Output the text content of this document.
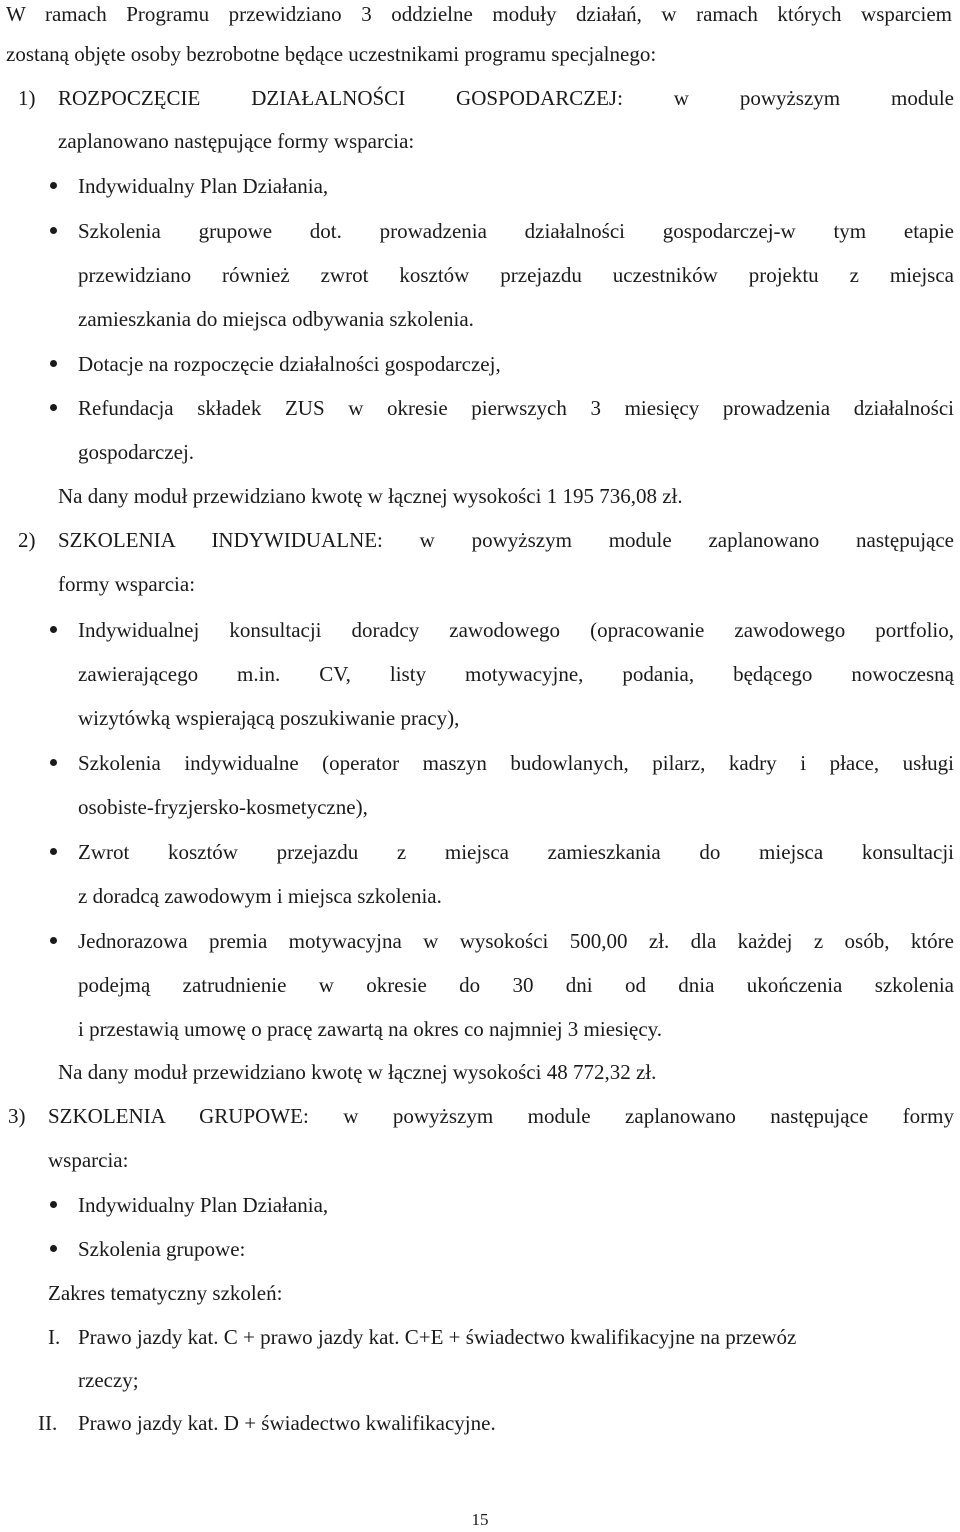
W ramach Programu przewidziano 3 oddzielne moduły działań, w ramach których wsparciem
zostaną objęte osoby bezrobotne będące uczestnikami programu specjalnego:
1) ROZPOCZĘCIE DZIAŁALNOŚCI GOSPODARCZEJ: w powyższym module
zaplanowano następujące formy wsparcia:
Indywidualny Plan Działania,
Szkolenia grupowe dot. prowadzenia działalności gospodarczej-w tym etapie
przewidziano również zwrot kosztów przejazdu uczestników projektu z miejsca
zamieszkania do miejsca odbywania szkolenia.
Dotacje na rozpoczęcie działalności gospodarczej,
Refundacja składek ZUS w okresie pierwszych 3 miesięcy prowadzenia działalności
gospodarczej.
Na dany moduł przewidziano kwotę w łącznej wysokości 1 195 736,08 zł.
2) SZKOLENIA INDYWIDUALNE: w powyższym module zaplanowano następujące
formy wsparcia:
Indywidualnej konsultacji doradcy zawodowego (opracowanie zawodowego portfolio,
zawierającego m.in. CV, listy motywacyjne, podania, będącego nowoczesną
wizytówką wspierającą poszukiwanie pracy),
Szkolenia indywidualne (operator maszyn budowlanych, pilarz, kadry i płace, usługi
osobiste-fryzjersko-kosmetyczne),
Zwrot kosztów przejazdu z miejsca zamieszkania do miejsca konsultacji
z doradcą zawodowym i miejsca szkolenia.
Jednorazowa premia motywacyjna w wysokości 500,00 zł. dla każdej z osób, które
podejmą zatrudnienie w okresie do 30 dni od dnia ukończenia szkolenia
i przestawią umowę o pracę zawartą na okres co najmniej 3 miesięcy.
Na dany moduł przewidziano kwotę w łącznej wysokości 48 772,32 zł.
3) SZKOLENIA GRUPOWE: w powyższym module zaplanowano następujące formy
wsparcia:
Indywidualny Plan Działania,
Szkolenia grupowe:
Zakres tematyczny szkoleń:
I. Prawo jazdy kat. C + prawo jazdy kat. C+E + świadectwo kwalifikacyjne na przewóz
rzeczy;
II. Prawo jazdy kat. D + świadectwo kwalifikacyjne.
15
